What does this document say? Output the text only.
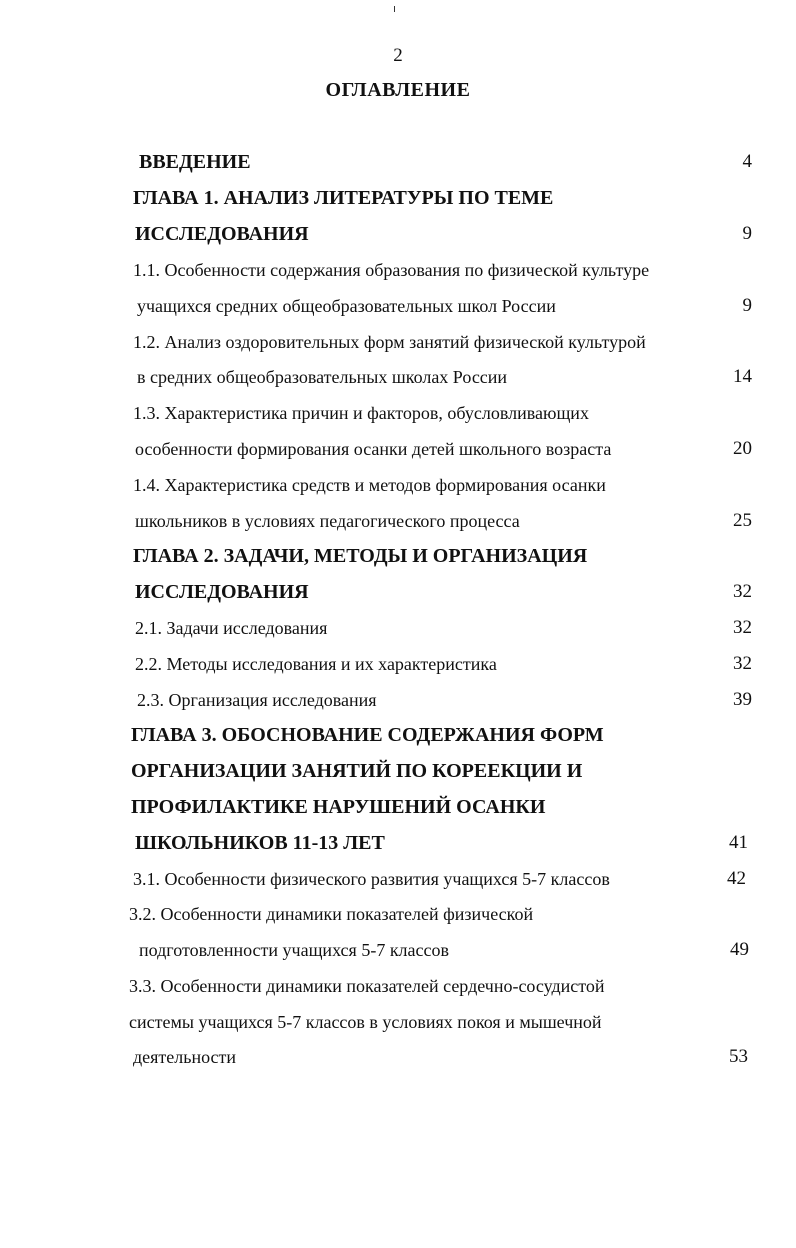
2
ОГЛАВЛЕНИЕ
ВВЕДЕНИЕ	4
ГЛАВА 1. АНАЛИЗ ЛИТЕРАТУРЫ ПО ТЕМЕ
ИССЛЕДОВАНИЯ	9
1.1. Особенности содержания образования по физической культуре
учащихся средних общеобразовательных школ России	9
1.2. Анализ оздоровительных форм занятий физической культурой
в средних общеобразовательных школах России	14
1.3. Характеристика причин и факторов, обусловливающих
особенности формирования осанки детей школьного возраста	20
1.4. Характеристика средств и методов формирования осанки
школьников в условиях педагогического процесса	25
ГЛАВА 2. ЗАДАЧИ, МЕТОДЫ И ОРГАНИЗАЦИЯ
ИССЛЕДОВАНИЯ	32
2.1. Задачи исследования	32
2.2. Методы исследования и их характеристика	32
2.3. Организация исследования	39
ГЛАВА 3. ОБОСНОВАНИЕ СОДЕРЖАНИЯ ФОРМ
ОРГАНИЗАЦИИ ЗАНЯТИЙ ПО КОРЕЕКЦИИ И
ПРОФИЛАКТИКЕ НАРУШЕНИЙ ОСАНКИ
ШКОЛЬНИКОВ 11-13 ЛЕТ	41
3.1. Особенности физического развития учащихся 5-7 классов	42
3.2. Особенности динамики показателей физической
подготовленности учащихся 5-7 классов	49
3.3. Особенности динамики показателей сердечно-сосудистой
системы учащихся 5-7 классов в условиях покоя и мышечной
деятельности	53
